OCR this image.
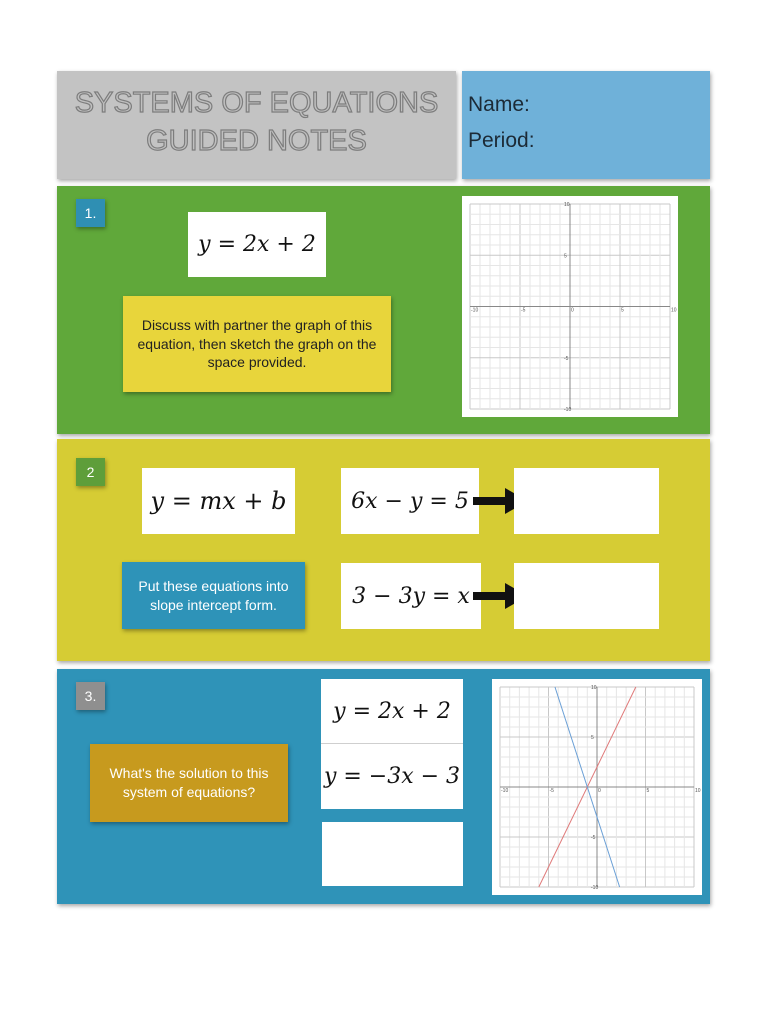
SYSTEMS OF EQUATIONS
GUIDED NOTES
Name:
Period:
1.
y = 2x + 2
Discuss with partner the graph of this equation, then sketch the graph on the space provided.
-10	-5	0	5	10
10
5
-5
-10
2
y = mx + b	6x − y = 5
Put these equations into slope intercept form.	3 − 3y = x
3.
y = 2x + 2
y = −3x − 3
What's the solution to this system of equations?	-10	-5	0	5	10
10
5
-5
-10
